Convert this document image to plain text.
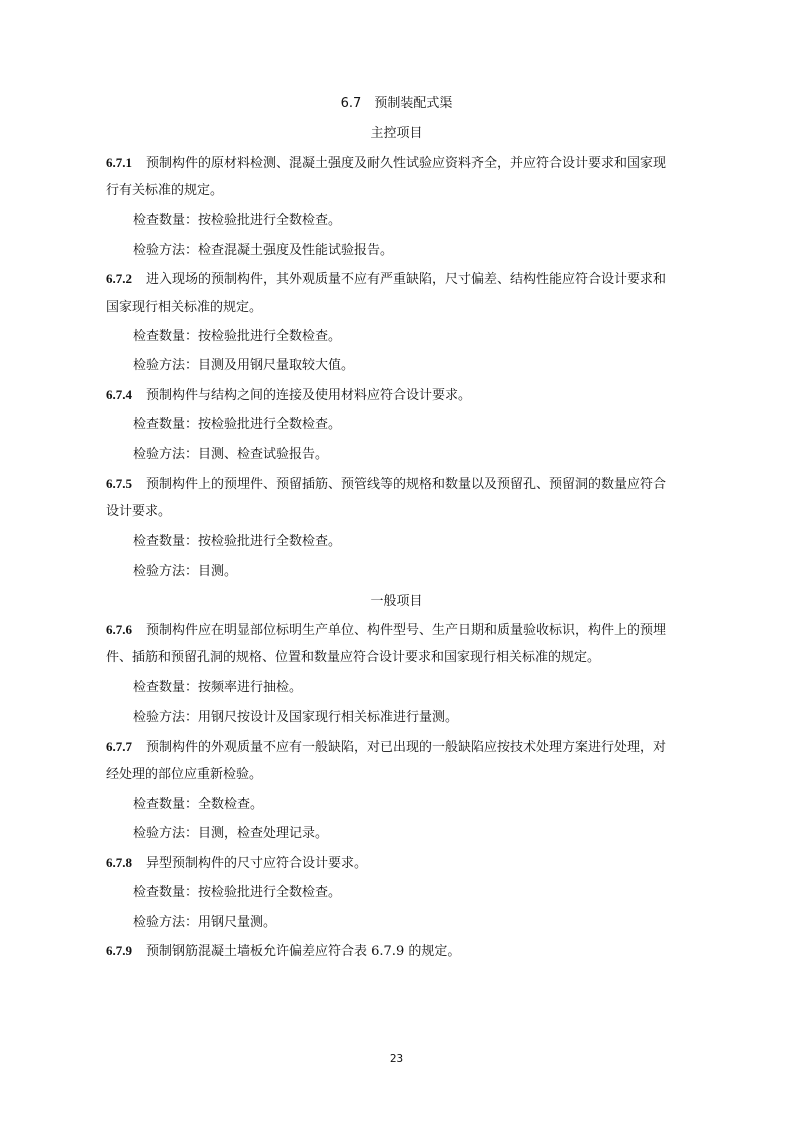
6.7　预制装配式渠
主控项目
6.7.1 预制构件的原材料检测、混凝土强度及耐久性试验应资料齐全，并应符合设计要求和国家现
行有关标准的规定。
检查数量：按检验批进行全数检查。
检验方法：检查混凝土强度及性能试验报告。
6.7.2 进入现场的预制构件，其外观质量不应有严重缺陷，尺寸偏差、结构性能应符合设计要求和
国家现行相关标准的规定。
检查数量：按检验批进行全数检查。
检验方法：目测及用钢尺量取较大值。
6.7.4 预制构件与结构之间的连接及使用材料应符合设计要求。
检查数量：按检验批进行全数检查。
检验方法：目测、检查试验报告。
6.7.5 预制构件上的预埋件、预留插筋、预管线等的规格和数量以及预留孔、预留洞的数量应符合
设计要求。
检查数量：按检验批进行全数检查。
检验方法：目测。
一般项目
6.7.6 预制构件应在明显部位标明生产单位、构件型号、生产日期和质量验收标识，构件上的预埋
件、插筋和预留孔洞的规格、位置和数量应符合设计要求和国家现行相关标准的规定。
检查数量：按频率进行抽检。
检验方法：用钢尺按设计及国家现行相关标准进行量测。
6.7.7 预制构件的外观质量不应有一般缺陷，对已出现的一般缺陷应按技术处理方案进行处理，对
经处理的部位应重新检验。
检查数量：全数检查。
检验方法：目测，检查处理记录。
6.7.8 异型预制构件的尺寸应符合设计要求。
检查数量：按检验批进行全数检查。
检验方法：用钢尺量测。
6.7.9 预制钢筋混凝土墙板允许偏差应符合表 6.7.9 的规定。
23
